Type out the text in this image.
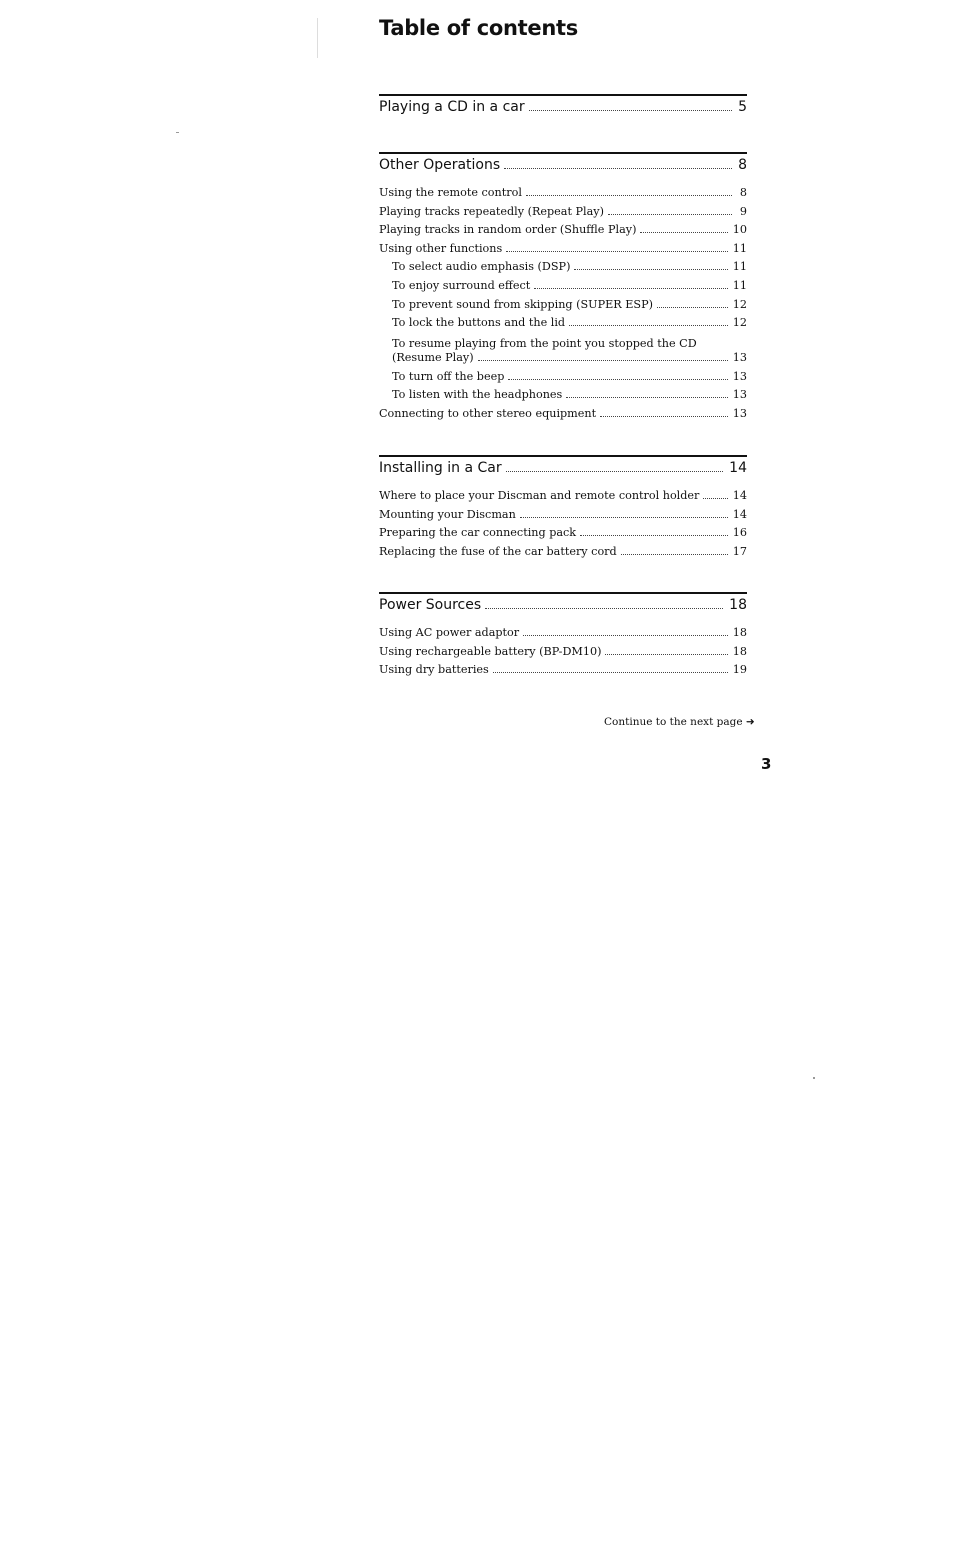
Table of contents
Playing a CD in a car	5
Other Operations	8
Using the remote control	8
Playing tracks repeatedly (Repeat Play)	9
Playing tracks in random order (Shuffle Play)	10
Using other functions	11
To select audio emphasis (DSP)	11
To enjoy surround effect	11
To prevent sound from skipping (SUPER ESP)	12
To lock the buttons and the lid	12
To resume playing from the point you stopped the CD
(Resume Play)	13
To turn off the beep	13
To listen with the headphones	13
Connecting to other stereo equipment	13
Installing in a Car	14
Where to place your Discman and remote control holder	14
Mounting your Discman	14
Preparing the car connecting pack	16
Replacing the fuse of the car battery cord	17
Power Sources	18
Using AC power adaptor	18
Using rechargeable battery (BP-DM10)	18
Using dry batteries	19
Continue to the next page ➜
3
